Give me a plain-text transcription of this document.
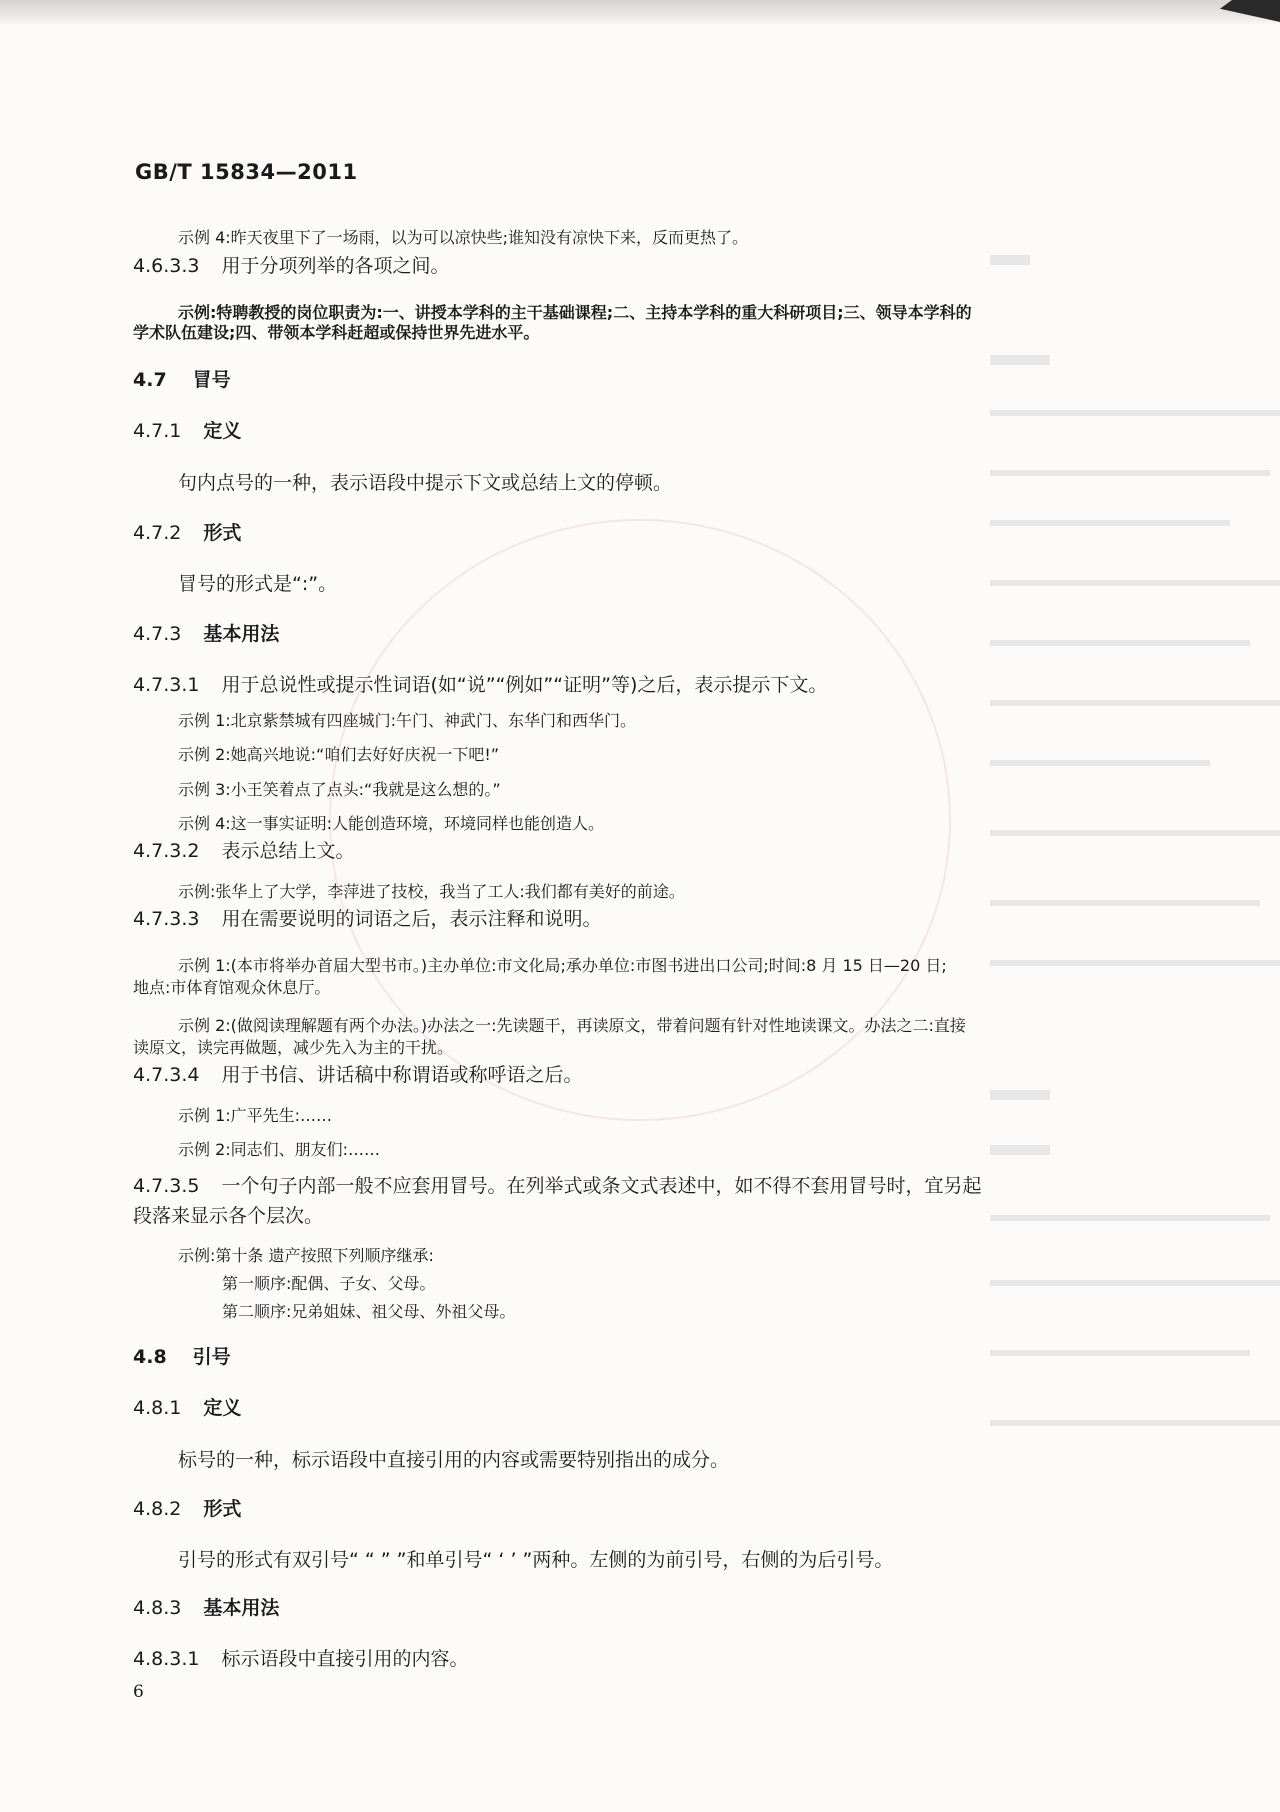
GB/T 15834—2011
示例 4:昨天夜里下了一场雨，以为可以凉快些;谁知没有凉快下来，反而更热了。
4.6.3.3 用于分项列举的各项之间。
示例:特聘教授的岗位职责为:一、讲授本学科的主干基础课程;二、主持本学科的重大科研项目;三、领导本学科的
学术队伍建设;四、带领本学科赶超或保持世界先进水平。
4.7 冒号
4.7.1 定义
句内点号的一种，表示语段中提示下文或总结上文的停顿。
4.7.2 形式
冒号的形式是“:”。
4.7.3 基本用法
4.7.3.1 用于总说性或提示性词语(如“说”“例如”“证明”等)之后，表示提示下文。
示例 1:北京紫禁城有四座城门:午门、神武门、东华门和西华门。
示例 2:她高兴地说:“咱们去好好庆祝一下吧!”
示例 3:小王笑着点了点头:“我就是这么想的。”
示例 4:这一事实证明:人能创造环境，环境同样也能创造人。
4.7.3.2 表示总结上文。
示例:张华上了大学，李萍进了技校，我当了工人:我们都有美好的前途。
4.7.3.3 用在需要说明的词语之后，表示注释和说明。
示例 1:(本市将举办首届大型书市。)主办单位:市文化局;承办单位:市图书进出口公司;时间:8 月 15 日—20 日;
地点:市体育馆观众休息厅。
示例 2:(做阅读理解题有两个办法。)办法之一:先读题干，再读原文，带着问题有针对性地读课文。办法之二:直接
读原文，读完再做题，减少先入为主的干扰。
4.7.3.4 用于书信、讲话稿中称谓语或称呼语之后。
示例 1:广平先生:……
示例 2:同志们、朋友们:……
4.7.3.5 一个句子内部一般不应套用冒号。在列举式或条文式表述中，如不得不套用冒号时，宜另起
段落来显示各个层次。
示例:第十条 遗产按照下列顺序继承:
第一顺序:配偶、子女、父母。
第二顺序:兄弟姐妹、祖父母、外祖父母。
4.8 引号
4.8.1 定义
标号的一种，标示语段中直接引用的内容或需要特别指出的成分。
4.8.2 形式
引号的形式有双引号“ “ ” ”和单引号“ ‘ ’ ”两种。左侧的为前引号，右侧的为后引号。
4.8.3 基本用法
4.8.3.1 标示语段中直接引用的内容。
6
